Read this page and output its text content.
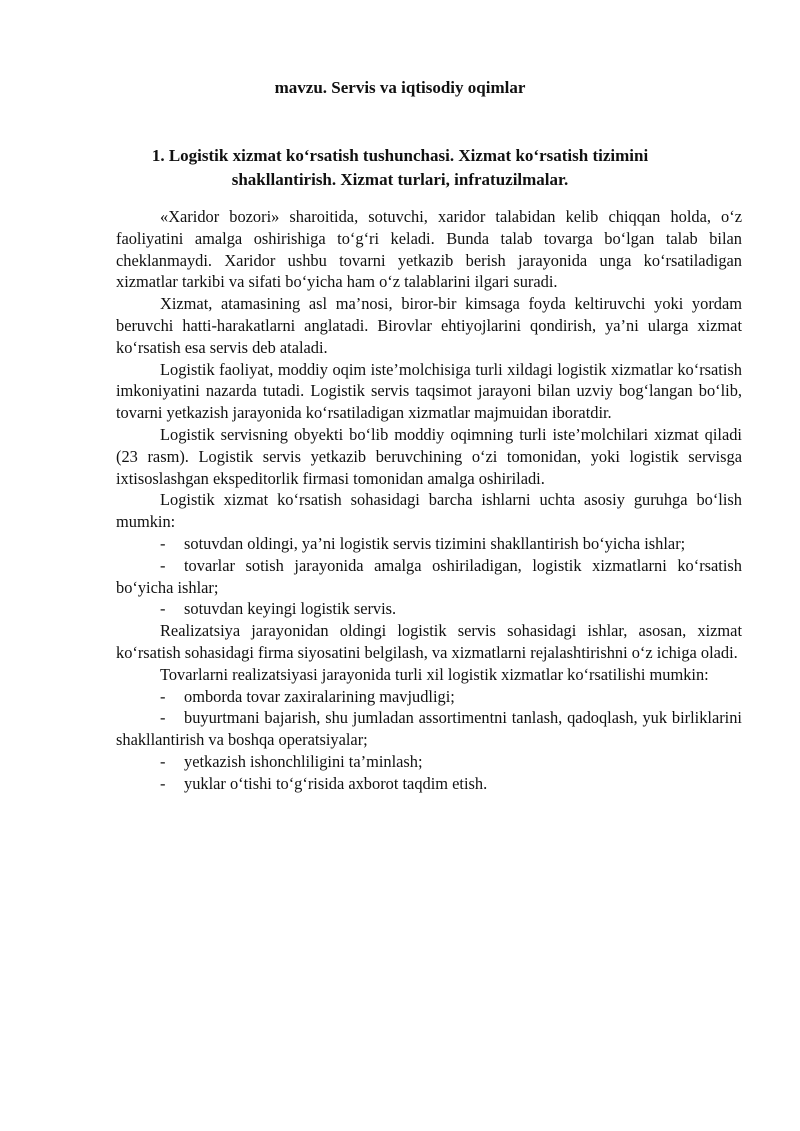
mavzu. Servis va iqtisodiy oqimlar

1. Logistik xizmat ko‘rsatish tushunchasi. Xizmat ko‘rsatish tizimini shakllantirish. Xizmat turlari, infratuzilmalar.

«Xaridor bozori» sharoitida, sotuvchi, xaridor talabidan kelib chiqqan holda, o‘z faoliyatini amalga oshirishiga to‘g‘ri keladi. Bunda talab tovarga bo‘lgan talab bilan cheklanmaydi. Xaridor ushbu tovarni yetkazib berish jarayonida unga ko‘rsatiladigan xizmatlar tarkibi va sifati bo‘yicha ham o‘z talablarini ilgari suradi.

Xizmat, atamasining asl ma’nosi, biror-bir kimsaga foyda keltiruvchi yoki yordam beruvchi hatti-harakatlarni anglatadi. Birovlar ehtiyojlarini qondirish, ya’ni ularga xizmat ko‘rsatish esa servis deb ataladi.

Logistik faoliyat, moddiy oqim iste’molchisiga turli xildagi logistik xizmatlar ko‘rsatish imkoniyatini nazarda tutadi. Logistik servis taqsimot jarayoni bilan uzviy bog‘langan bo‘lib, tovarni yetkazish jarayonida ko‘rsatiladigan xizmatlar majmuidan iboratdir.

Logistik servisning obyekti bo‘lib moddiy oqimning turli iste’molchilari xizmat qiladi (23 rasm). Logistik servis yetkazib beruvchining o‘zi tomonidan, yoki logistik servisga ixtisoslashgan ekspeditorlik firmasi tomonidan amalga oshiriladi.

Logistik xizmat ko‘rsatish sohasidagi barcha ishlarni uchta asosiy guruhga bo‘lish mumkin:

- sotuvdan oldingi, ya’ni logistik servis tizimini shakllantirish bo‘yicha ishlar;

- tovarlar sotish jarayonida amalga oshiriladigan, logistik xizmatlarni ko‘rsatish bo‘yicha ishlar;

- sotuvdan keyingi logistik servis.

Realizatsiya jarayonidan oldingi logistik servis sohasidagi ishlar, asosan, xizmat ko‘rsatish sohasidagi firma siyosatini belgilash, va xizmatlarni rejalashtirishni o‘z ichiga oladi.

Tovarlarni realizatsiyasi jarayonida turli xil logistik xizmatlar ko‘rsatilishi mumkin:

- omborda tovar zaxiralarining mavjudligi;

- buyurtmani bajarish, shu jumladan assortimentni tanlash, qadoqlash, yuk birliklarini shakllantirish va boshqa operatsiyalar;

- yetkazish ishonchliligini ta’minlash;

- yuklar o‘tishi to‘g‘risida axborot taqdim etish.
